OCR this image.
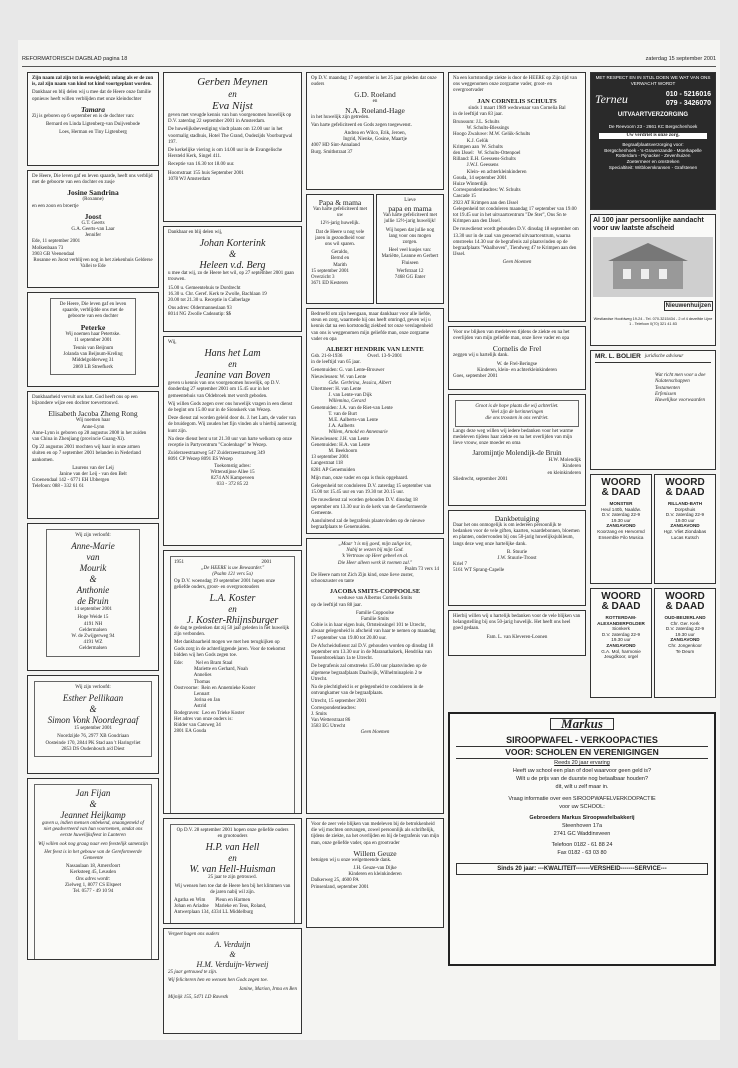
REFORMATORISCH DAGBLAD pagina 18	zaterdag 15 september 2001

Zijn naam zal zijn tot in eeuwigheid; zolang als er de zon is, zal zijn naam van kind tot kind voortgeplant worden.

Dankbaar en blij delen wij u mee dat de Heere onze familie opnieuw heeft willen verblijden met onze kleindochter

Tamara

Zij is geboren op 6 september en is de dochter van:

Bernard en Linda Ligtenberg-van Duijvenbode

Loes, Herman en Tiny Ligtenberg

De Heere, Die leven gaf en leven spaarde, heeft ons verblijd met de geboorte van een dochter en zusje

Josine Sandrina
(Roxanne)

en een zoon en broertje

Joost
G.T. Geerts
G.A. Geerts-van Laar
Jennifer
Ede, 11 september 2001
Molkenbaan 73
3903 GB Veenendaal

Rosanne en Joost verblijven nog in het ziekenhuis Gelderse Vallei te Ede

De Heere, Die leven gaf en leven spaarde, verblijdde ons met de geboorte van een dochter

Peterke
Wij noemen haar Petertske.

11 september 2001

Teunis van Beijnum
Jolanda van Beijnum-Kreling
Middelgolderweg 31
2869 LB Streefkerk

Dankbaarheid vervult ons hart. God heeft ons op een bijzondere wijze een dochter toevertrouwd.

Elisabeth Jacoba Zheng Rong
Wij noemen haar
Anne-Lynn

Anne-Lynn is geboren op 28 augustus 2000 in het zuiden van China in Zhenjiang (provincie Guang-Xi).

Op 22 augustus 2001 mochten wij haar in onze armen sluiten en op 7 september 2001 belanden in Nederland aankomen.

Laurens van der Leij
Janine van der Leij - van den Belt
Groenendaal 142 - 6771 EH Ubbergen
Telefoon: 088 - 332 61 61

Wij zijn verloofd:

Anne-Marie
van
Mourik
&
Anthonie
de Bruin

14 september 2001

Hoge Weide 15
4191 NH
Geldermalsen
W. de Zwijgerweg 94
4191 WZ
Geldermalsen

Wij zijn verloofd:

Esther Pellikaan
&
Simon Vonk Noordegraaf

15 september 2001

Noordzijde 76, 2977 XB Goudriaan
Oosteinde 170, 2844 PK Stad aan 't Haringvliet
2853 DS Oudenbosch a/d Diest
Jan Fijan
&
Jeannet Heijkamp

gaven u, indien mensen onbekend, onaangemeld of niet geadverteerd van hun voornemen, omdat ons eerste huwelijksfeest in Lunteren

Wij willen ook nog graag naar een feestelijk samenzijn

Het feest is in het gebouw van de Gereformeerde Gemeente

Nassaulaan 18, Amersfoort
Kerksteeg 45, Leusden
Ons adres wordt:
Zielweg 1, 8077 CS Elspeet
Tel. 0577 - 49 10 94
Gerben Meynen
en
Eva Nijst

geven met vreugde kennis van hun voorgenomen huwelijk op D.V. zaterdag 22 september 2001 in Amsterdam.

De huwelijksbevestiging vindt plaats om 12.00 uur in het voormalig stadhuis, Hotel The Grand, Oudezijds Voorburgwal 197.

De kerkelijke viering is om 14.00 uur in de Evangelische Hersteld Kerk, Singel 411.

Receptie van 16.30 tot 18.00 uur.

Hoornstraat 155 huis September 2001
1078 WJ Amsterdam

Dankbaar en blij delen wij,

Johan Korterink
&
Heleen v.d. Berg

u mee dat wij, zo de Heere het wil, op 27 september 2001 gaan trouwen.

15.00 u. Gemeentehuis te Dordrecht
16.30 u. Chr. Geref. Kerk te Zwolle, Bachlaan 19

20.00 tot 21.30 u. Receptie in Calberlage

Ons adres: Oldermanneslaan 93
8014 NG Zwolle Cadeautip: $$

Wij,

Hans het Lam
en
Jeanine van Boven

geven u kennis van ons voorgenomen huwelijk, op D.V. donderdag 27 september 2001 om 15.45 uur in het gemeentehuis van Oldebroek met wordt geboden.

Wij willen Gods zegen over ons huwelijk vragen in een dienst de begint om 15.00 uur in de Sionskerk van Wezep.

Deze dienst zal worden geleid door ds. J. het Lam, de vader van de bruidegom. Wij zouden het fijn vinden als u hierbij aanwezig kunt zijn.

Na deze dienst bent u tot 21.30 uur van harte welkom op onze receptie in Partycentrum "Coolenhage" te Wezep.

Zuiderzeestraatweg 547 Zuiderzeestraatweg 349
8091 CP Wezep 8091 ES Wezep
Toekomstig adres:
Wittenstijnse Allee 15
8274 AN Kampeveen
033 - 372 85 22
1951                                                              2001
„De HEERE is uw Bewaarder."
(Psalm 121 vers 5a)

Op D.V. woensdag 19 september 2001 hopen onze geliefde ouders, groot- en overgrootouders

L.A. Koster
en
J. Koster-Rhijnsburger

de dag te gedenken dat zij 50 jaar geleden in het huwelijk zijn verbonden.

Met dankbaarheid mogen we met hen terugkijken op Gods zorg in de achterliggende jaren. Voor de toekomst bidden wij hen Gods zegen toe.

Ede:          Nel en Bram Staal
Mariette en Gerhard, Noah
Annelies
Thomas
Oostvoorne:  Rein en Annemieke Koster
Lennart
Jorina en Jan
Astrid
Bodegraven:  Leo en Trieke Koster
Het adres van onze ouders is:
Ridder van Catsweg 34
2801 EA Gouda

Op D.V. 28 september 2001 hopen onze geliefde ouders en grootouders

H.P. van Hell
en
W. van Hell-Huisman

25 jaar te zijn getrouwd.

Wij wensen hen toe dat de Heere hen bij het klimmen van de jaren nabij wil zijn.

Agatha en Wim        Pleun en Harmen
Johan en Ariadne     Marieke en Teus, Roland,
Antwerplaan 134, 4334 LL Middelburg

Vergeet hagen ons ouders

A. Verduijn
&
H.M. Verduijn-Verweij

25 jaar getrouwd te zijn.

Wij feliciteren hen en wensen hen Gods zegen toe.

Janine, Marion, Irma en Ben

Mijnijk 155, 5471 LD Ravestk

Op D.V. maandag 17 september is het 25 jaar geleden dat onze ouders

G.D. Roeland
en
N.A. Roeland-Hage

in het huwelijk zijn getreden.

Van harte gefeliciteerd en Gods zegen toegewenst.

Andrea en Wilco, Erik, Jeroen,
Ingrid, Nienke, Gosine, Maartje
4007 HD Sint-Annaland
Burg. Smithstraat 37
Papa & mama

Van harte gefeliciteerd met uw

12½-jarig huwelijk.

Dat de Heere u nog vele jaren in gezondheid voor ons wil sparen.

Geraldo,
Bernd en
Marith
15 september 2001
Overzicht 3
3671 ED Kesteren
Lieve
papa en mama

Van harte gefeliciteerd met jullie 12½-jarig huwelijk!

Wij hopen dat jullie nog lang voor ons mogen zorgen.

Heel veel kusjes van: Mariëtte, Leanne en Gerbert Fluiseen

Werfstraat 12
7468 GG Enter

Bedroefd om zijn heengaan, maar dankbaar voor alle liefde, steun en zorg, waarmede hij ons heeft omringd, geven wij u kennis dat na een kortstondig ziekbed tot onze verslagenheid van ons is weggenomen mijn geliefde man, onze zorgzame vader en opa

ALBERT HENDRIK VAN LENTE
Gsb. 21-8-1936                    Overl. 13-9-2001

in de leeftijd van 65 jaar.

Genemuiden: G. van Lente-Brouwer
Nieuwleusen: W. van Lente
Gdie. Gerbrina, Jessica, Albert
Uitertmeer: H. van Lente
J. van Lente-van Dijk
Willemina, Gerard
Genemuiden: J.A. van de Riet-van Lente
T. van de Burt
M.E. Aalberts-van Lente
J.A. Aalberts
Willem, Arnold en Annemarie
Nieuwleusen: J.H. van Lente
Genemuiden: H.A. van Lente
M. Beekhoorn
13 september 2001
Langestraat 118

8281 AP Genemuiden

Mijn man, onze vader en opa is thuis opgebaard.

Gelegenheid tot condoleren D.V. zaterdag 15 september van 15.00 tot 15.45 uur en van 19.30 tot 20.15 uur.

De rouwdienst zal worden gehouden D.V. dinsdag 18 september om 13.30 uur in de kerk van de Gereformeerde Gemeente.

Aansluitend zal de begrafenis plaatsvinden op de nieuwe begraafplaats te Genemuiden.

„Maar 't is mij goed, mijn zalige lot,
Nabij te wezen bij mijn God.
'k Vertrouw op Heer gebeel en al.
Die Heer alleen werk ik roemen zal."
Psalm 73 vers 14

De Heere nam tot Zich Zijn kind, onze lieve zuster, schoonzuster en tante

JACOBA SMITS-COPPOOLSE
weduwe van Albertus Cornelis Smits

op de leeftijd van 88 jaar.

Familie Coppoolse
Familie Smits

Cobie is in haar eigen huis, Ortsteinsingel 101 te Utrecht, alwaar gelegenheid is afscheid van haar te nemen op maandag 17 september van 19.00 tot 20.00 uur.

De Afscheidsdienst zal D.V. gehouden worden op dinsdag 18 september om 13.30 uur in de Maranathakerk, Hendrika van Tussenbroeklaan 1a te Utrecht.

De begrafenis zal omstreeks 15.00 uur plaatsvinden op de algemene begraafplaats Daalwijk, Wilhelminaplein 2 te Utrecht.

Na de plechtigheid is er gelegenheid te condoleren in de ontvangkamer van de begraafplaats.

Utrecht, 15 september 2001
Correspondentieadres:
J. Smits
Van Wetterstraat 86
3583 EG Utrecht
Geen bloemen

Voor de zeer vele blijken van medeleven bij de betrokkenheid die wij mochten ontvangen, zowel persoonlijk als schriftelijk, tijdens de ziekte, na het overlijden en bij de begrafenis van mijn man, onze geliefde vader, opa en grootvader

Willem Geuze

betuigen wij u onze welgemeende dank.

J.H. Geuze-van Dijke
Kinderen en kleinkinderen
Dalkerweg 25, 4600 PA
Prinsenland, september 2001

Na een kortstondige ziekte is door de HEERE op Zijn tijd van ons weggenomen onze zorgzame vader, groot- en overgrootvader

JAN CORNELIS SCHULTS
sinds 1 maart 1989 weduwnaar van Cornelia Bal

in de leeftijd van 83 jaar.

Brunssum: J.L. Schults
W. Schults-Blessings
Hoogo Zwaluwe: M.W. Gelük-Schults
K.J. Gelük
Krimpen aan  W. Schults
den IJssel:   W. Schults-Ottenpoel
Rilland: E.H. Geessens-Schults
J.W.J. Geessens
Klein- en achterkleinkinderen
Gouda, 14 september 2001
Huize Winterdijk
Correspondentieadres: W. Schults
Cascade 15
2923 AT Krimpen aan den IJssel

Gelegenheid tot condoleren maandag 17 september van 19.00 tot 19.45 uur in het uitvaartcentrum "De Ster", Ons Sn te Krimpen aan den IJssel.

De rouwdienst wordt gehouden D.V. dinsdag 18 september om 13.30 uur in de zaal van genoemd uitvaartcentrum, waarna omstreeks 14.30 uur de begrafenis zal plaatsvinden op de begraafplaats "Waalhoven", Tiendweg 47 te Krimpen aan den IJssel.

Geen bloemen

Voor uw blijken van medeleven tijdens de ziekte en na het overlijden van mijn geliefde man, onze lieve vader en opa

Cornelis de Frel

zeggen wij u hartelijk dank.

W. de Frel-Beringse
Kinderen, klein- en achterkleinkinderen
Goes, september 2001
Groot is de hope plaats die wij achterliet.
Veel zijn de herinneringen
die ons troosten in ons verdriet.

Langs deze weg willen wij iedere bedanken voor het warme medeleven tijdens haar ziekte en na het overlijden van mijn lieve vrouw, onze moeder en oma

Jaromijntje Molendijk-de Bruin
H.W. Molendijk
Kinderen
en kleinkinderen
Sliedrecht, september 2001
Dankbetuiging

Daar het ons onmogelijk is om iedereen persoonlijk te bedanken voor de vele giften, kaarten, waardebonnen, bloemen en planten, ondervonden bij ons 50-jarig huwelijksjubileum, langs deze weg onze hartelijke dank.

B. Stuurie
J.W. Stuurie-Troost
Kriel 7
5161 WT Sprang-Capelle

Hierbij willen wij u hartelijk bedanken voor de vele blijken van belangstelling bij ons 50-jarig huwelijk. Het heeft ons heel goed gedaan.

Fam. L. van Kleveren-Loonen
MET RESPECT EN IN STIJL DOEN WE WAT VAN ONS VERWACHT WORDT
Terneu	010 - 5216016
079 - 3426070
UITVAARTVERZORGING
De Reevoorn 23 - 2661 KC Bergschenhoek
Uw verdriet is onze zorg.
Begraafplaatsverzorging voor:
Bergschenhoek - 's-Gravenzande - Moerkapelle
Rotterdam - Pijnacker - Zevenhuizen
Zoetermeer en omstreken
Specialtiteit: Witbloemkransen - Grafstenen
Al 100 jaar persoonlijke aandacht voor uw laatste afscheid
Nieuwenhuijzen
Westlandse Hoofdweg 19-24 - Tel. 070-3215434 - 2 of 4 dezelfde Lijne 1 - Telefoon 0(70) 321 41 83
MR. L. BOLIER juridische adviseur
Wat richt men voor u doe
Nalatenschappen
Testamenten
Erfenissen
Huwelijkse voorwaarden
WOORD
& DAAD
MONSTER
Heul 140b, Naaldw.
D.V. zaterdag 22-9
19.30 uur
ZANGAVOND
Koorzang en Hervormd
Ensemble Filo Musica
WOORD
& DAAD
RILLAND-BATH
Dorpshuis
D.V. zaterdag 22-9
19.00 uur
ZANGAVOND
Hgz. Vliet Ziondabas
Lucas Kutsch
WOORD
& DAAD
ROTTERDAM-ALEXANDERPOLDER
Sionkerk
D.V. zaterdag 22-9
19.30 uur
ZANGAVOND
G.A. Mol, harmonie
Jeugdkoor, orgel
WOORD
& DAAD
OUD-BEIJERLAND
Chr. Ger. Kerk
D.V. zaterdag 22-9
19.30 uur
ZANGAVOND
Chr. Jongenkoor
Te Deum
Markus
SIROOPWAFEL - VERKOOPACTIES
VOOR: SCHOLEN EN VERENIGINGEN
Reeds 20 jaar ervaring
Heeft uw school een plan of doel waarvoor geen geld is?
Wilt u de prijs van de duurste nog betaalbaar houden?
dit, wilt u zelf maar in.
Vraag informatie over een SIROOPWAFELVERKOOPACTIE
voor uw SCHOOL:
Gebroeders Markus Siroopwafelbakkerij
Steenhoven 17a
2741 GC Waddinxveen
Telefoon 0182 - 61 88 24
Fax 0182 - 63 03 80
Sinds 20 jaar: ---KWALITEIT-------VERSHEID-------SERVICE---
